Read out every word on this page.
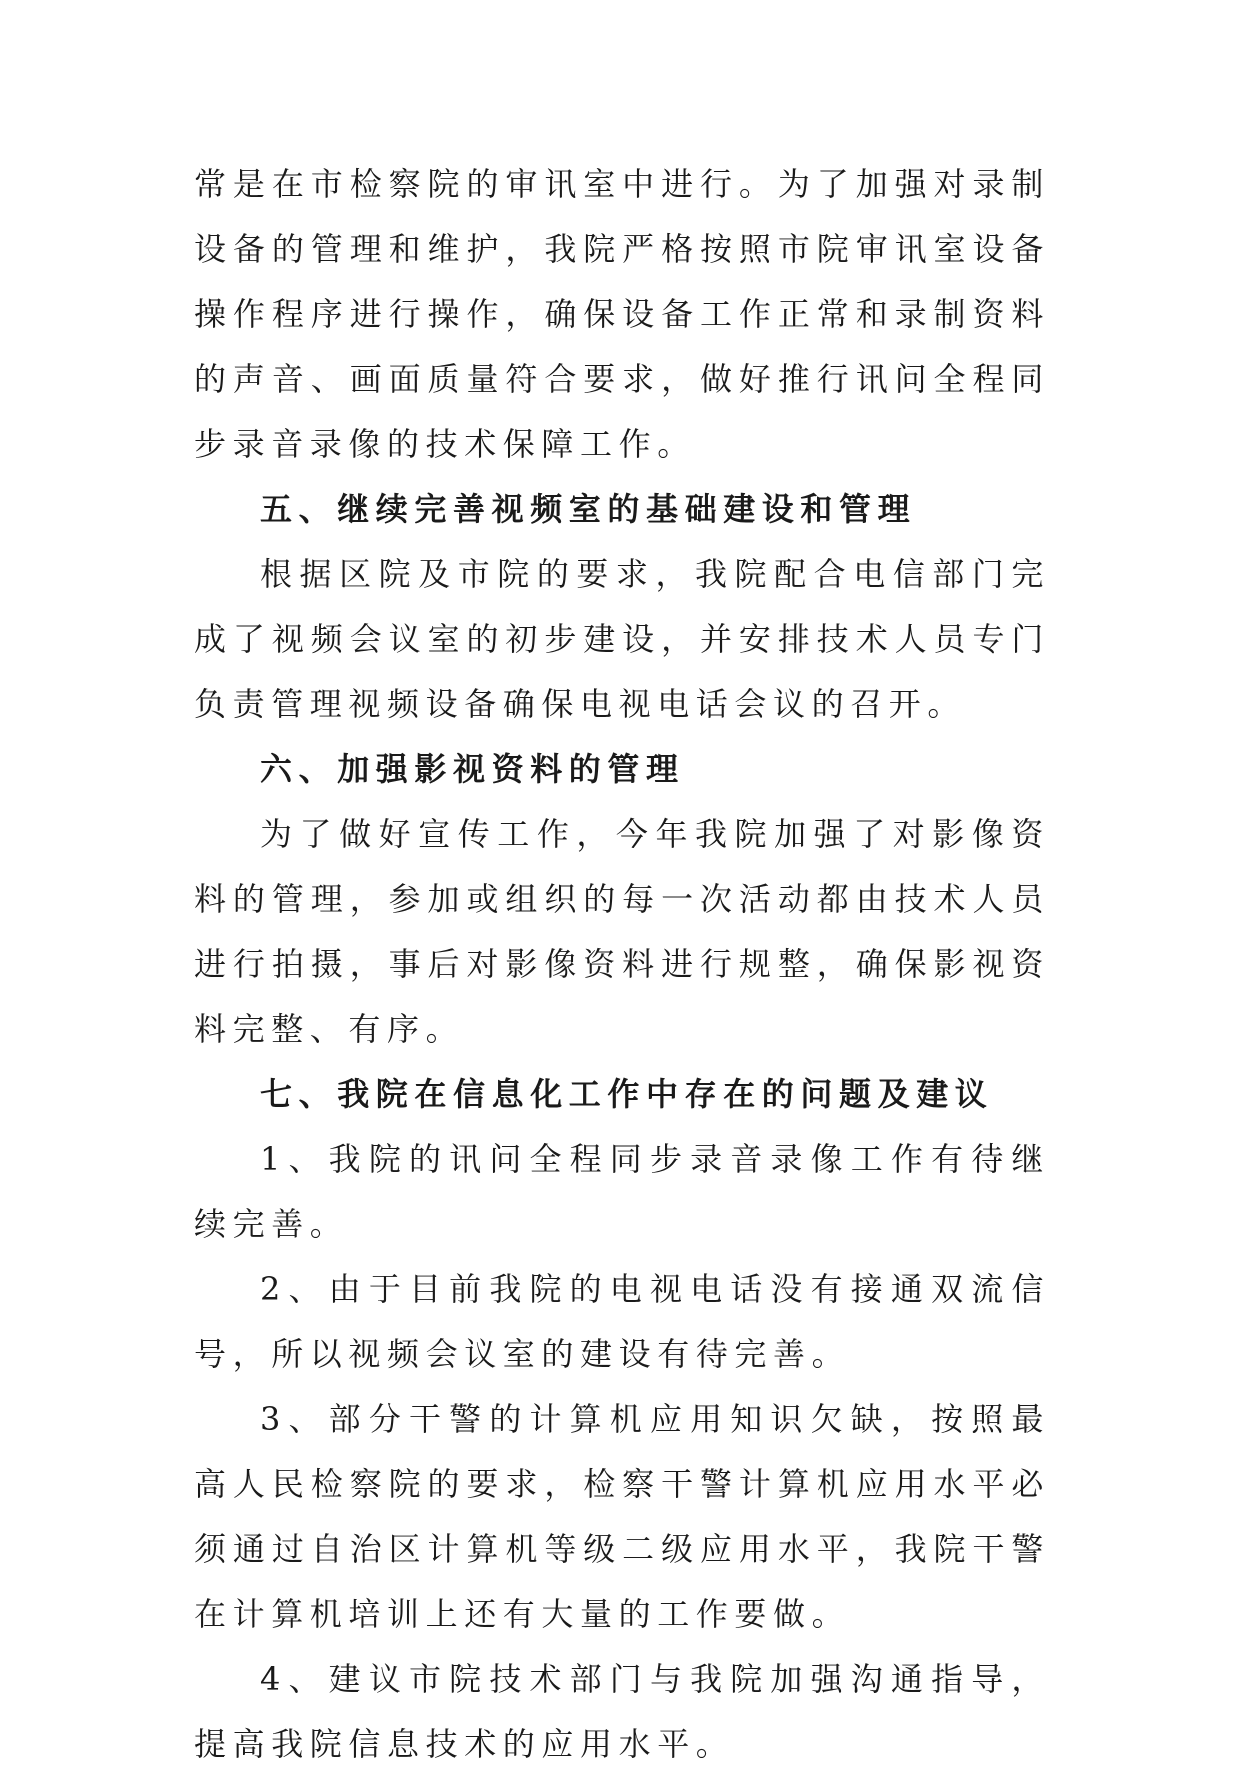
常是在市检察院的审讯室中进行。为了加强对录制设备的管理和维护，我院严格按照市院审讯室设备操作程序进行操作，确保设备工作正常和录制资料的声音、画面质量符合要求，做好推行讯问全程同步录音录像的技术保障工作。

五、继续完善视频室的基础建设和管理

根据区院及市院的要求，我院配合电信部门完成了视频会议室的初步建设，并安排技术人员专门负责管理视频设备确保电视电话会议的召开。

六、加强影视资料的管理

为了做好宣传工作，今年我院加强了对影像资料的管理，参加或组织的每一次活动都由技术人员进行拍摄，事后对影像资料进行规整，确保影视资料完整、有序。

七、我院在信息化工作中存在的问题及建议

1、我院的讯问全程同步录音录像工作有待继续完善。

2、由于目前我院的电视电话没有接通双流信号，所以视频会议室的建设有待完善。

3、部分干警的计算机应用知识欠缺，按照最高人民检察院的要求，检察干警计算机应用水平必须通过自治区计算机等级二级应用水平，我院干警在计算机培训上还有大量的工作要做。

4、建议市院技术部门与我院加强沟通指导，提高我院信息技术的应用水平。
